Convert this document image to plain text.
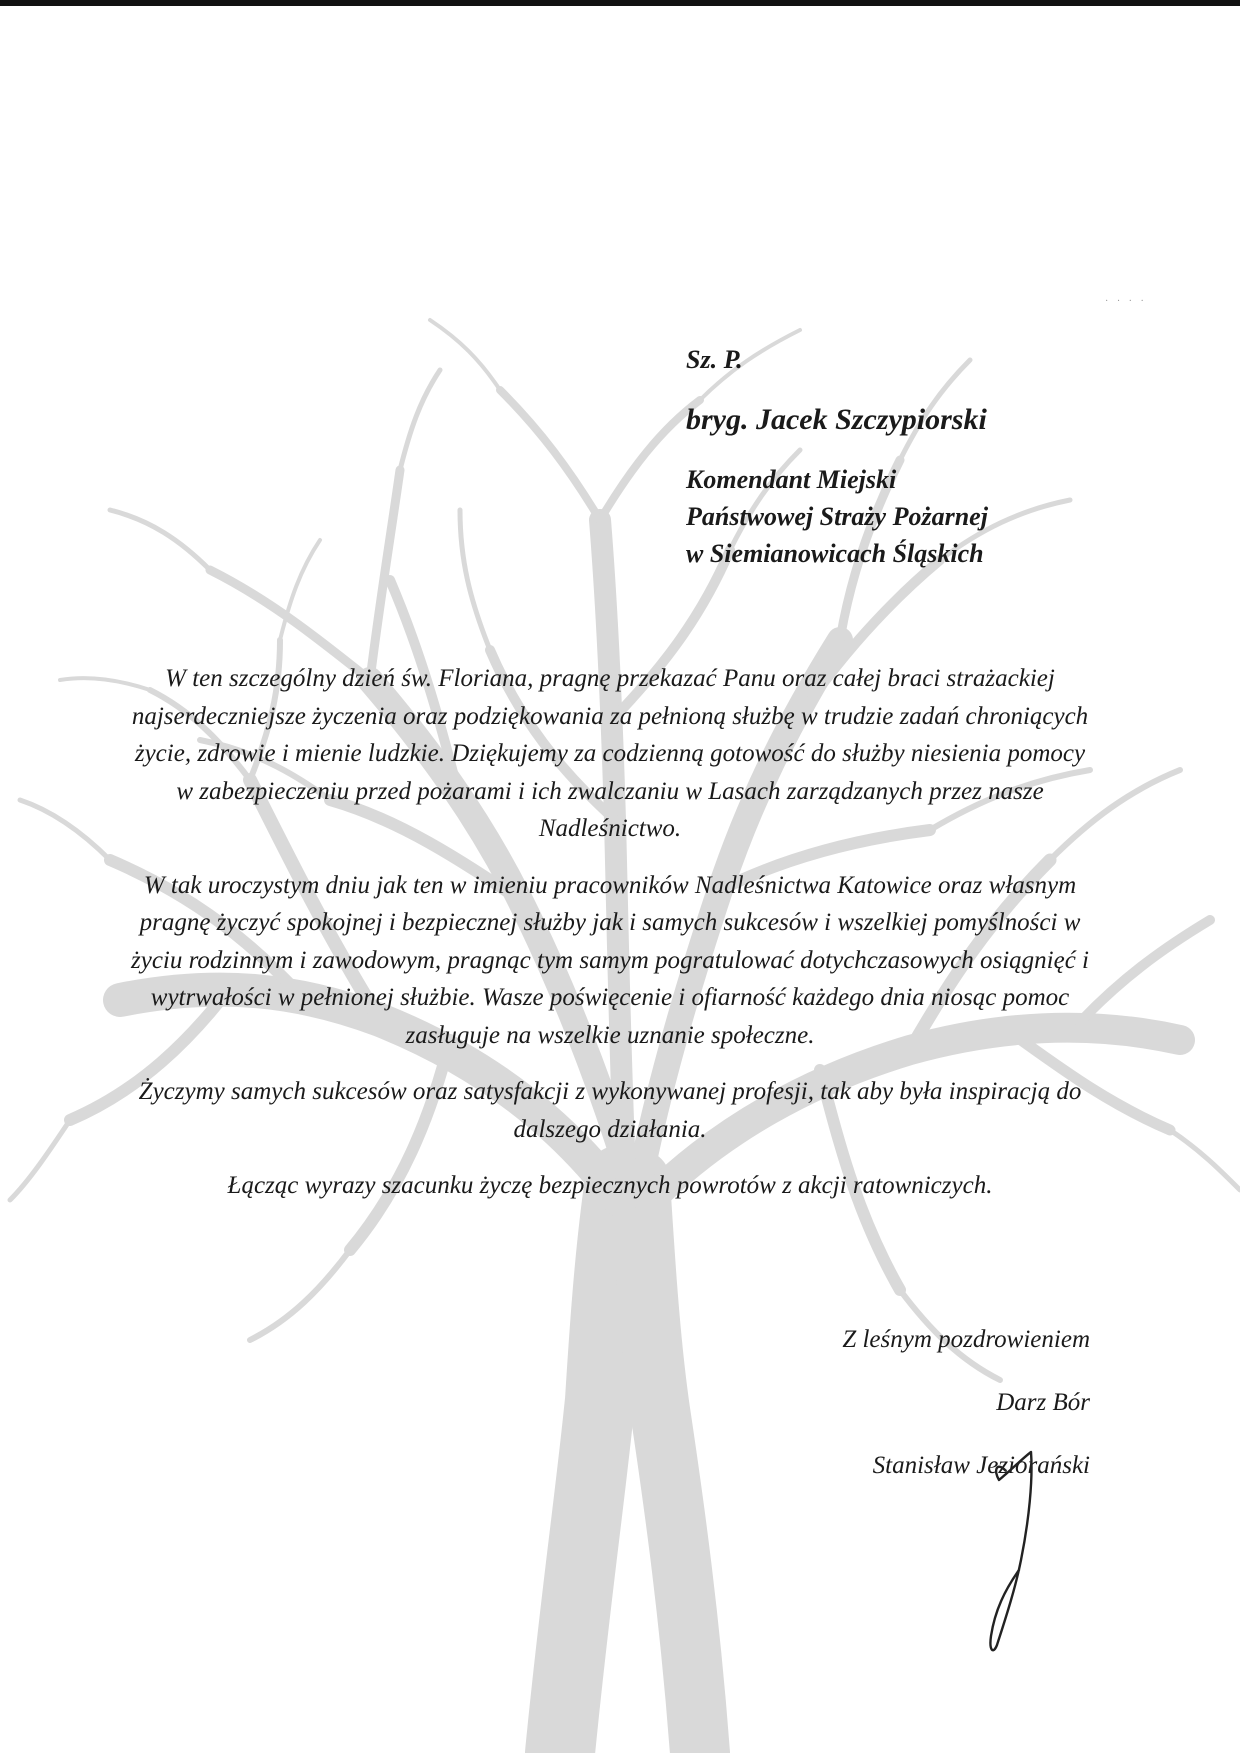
· · · ·

Sz. P.

bryg. Jacek Szczypiorski

Komendant Miejski

Państwowej Straży Pożarnej

w Siemianowicach Śląskich

W ten szczególny dzień św. Floriana, pragnę przekazać Panu oraz całej braci strażackiej najserdeczniejsze życzenia oraz podziękowania za pełnioną służbę w trudzie zadań chroniących życie, zdrowie i mienie ludzkie. Dziękujemy za codzienną gotowość do służby niesienia pomocy w zabezpieczeniu przed pożarami i ich zwalczaniu w Lasach zarządzanych przez nasze Nadleśnictwo.

W tak uroczystym dniu jak ten w imieniu pracowników Nadleśnictwa Katowice oraz własnym pragnę życzyć spokojnej i bezpiecznej służby jak i samych sukcesów i wszelkiej pomyślności w życiu rodzinnym i zawodowym, pragnąc tym samym pogratulować dotychczasowych osiągnięć i wytrwałości w pełnionej służbie. Wasze poświęcenie i ofiarność każdego dnia niosąc pomoc zasługuje na wszelkie uznanie społeczne.

Życzymy samych sukcesów oraz satysfakcji z wykonywanej profesji, tak aby była inspiracją do dalszego działania.

Łącząc wyrazy szacunku życzę bezpiecznych powrotów z akcji ratowniczych.

Z leśnym pozdrowieniem

Darz Bór

Stanisław Jeziorański
